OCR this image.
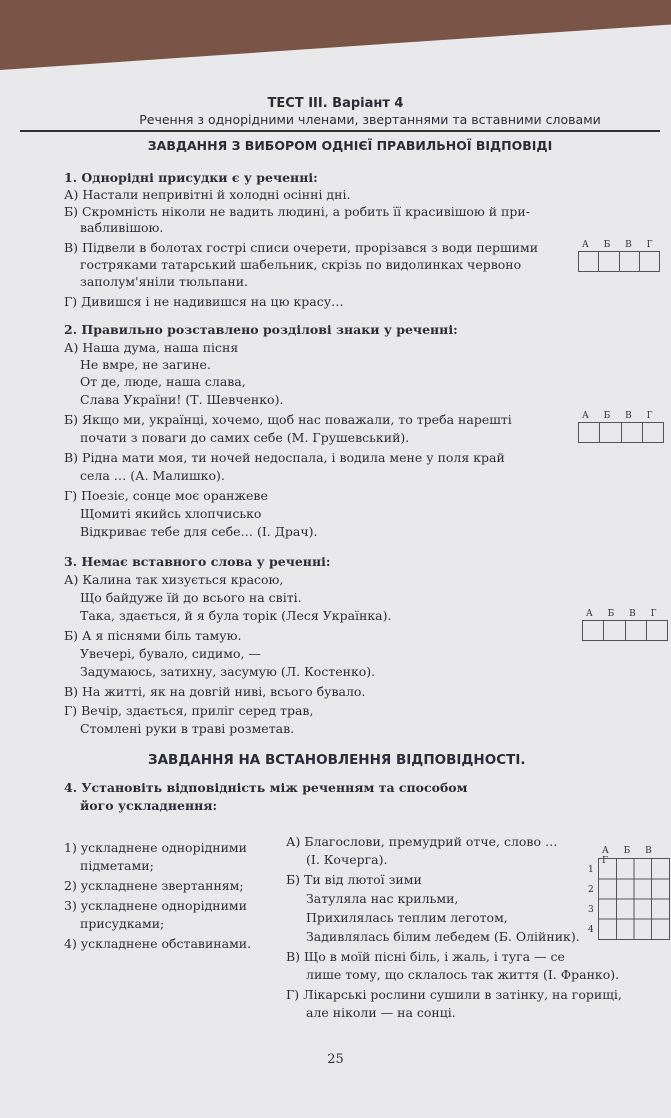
ТЕСТ ІІІ. Варіант 4
Речення з однорідними членами, звертаннями та вставними словами
ЗАВДАННЯ З ВИБОРОМ ОДНІЄЇ ПРАВИЛЬНОЇ ВІДПОВІДІ
1. Однорідні присудки є у реченні:
А) Настали непривітні й холодні осінні дні.
Б) Скромність ніколи не вадить людині, а робить її красивішою й при-
вабливішою.
В) Підвели в болотах гострі списи очерети, прорізався з води першими
гостряками татарський шабельник, скрізь по видолинках червоно
заполум'яніли тюльпани.
Г) Дивишся і не надивишся на цю красу…
А Б В Г
2. Правильно розставлено розділові знаки у реченні:
А) Наша дума, наша пісня
Не вмре, не загине.
От де, люде, наша слава,
Слава України! (Т. Шевченко).
Б) Якщо ми, українці, хочемо, щоб нас поважали, то треба нарешті
почати з поваги до самих себе (М. Грушевський).
В) Рідна мати моя, ти ночей недоспала, і водила мене у поля край
села … (А. Малишко).
Г) Поезіє, сонце моє оранжеве
Щомиті якийсь хлопчисько
Відкриває тебе для себе… (І. Драч).
А Б В Г
3. Немає вставного слова у реченні:
А) Калина так хизується красою,
Що байдуже їй до всього на світі.
Така, здається, й я була торік (Леся Українка).
Б) А я піснями біль тамую.
Увечері, бувало, сидимо, —
Задумаюсь, затихну, засумую (Л. Костенко).
В) На житті, як на довгій ниві, всього бувало.
Г) Вечір, здається, приліг серед трав,
Стомлені руки в траві розметав.
А Б В Г
ЗАВДАННЯ НА ВСТАНОВЛЕННЯ ВІДПОВІДНОСТІ.
4. Установіть відповідність між реченням та способом
його ускладнення:
1) ускладнене однорідними
підметами;
2) ускладнене звертанням;
3) ускладнене однорідними
присудками;
4) ускладнене обставинами.
А) Благослови, премудрий отче, слово …
(І. Кочерга).
Б) Ти від лютої зими
Затуляла нас крильми,
Прихилялась теплим леготом,
Задивлялась білим лебедем (Б. Олійник).
В) Що в моїй пісні біль, і жаль, і туга — се
лише тому, що склалось так життя (І. Франко).
Г) Лікарські рослини сушили в затінку, на горищі,
але ніколи — на сонці.
А Б В Г
1
2
3
4
25
